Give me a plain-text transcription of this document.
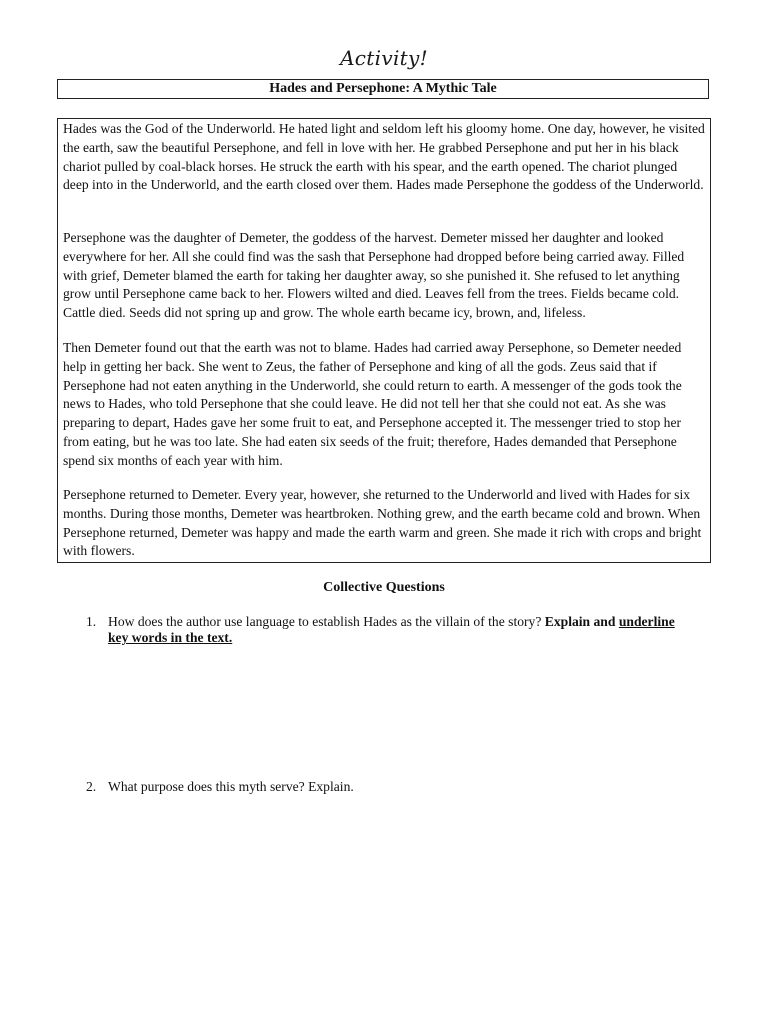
Activity!
Hades and Persephone: A Mythic Tale

Hades was the God of the Underworld. He hated light and seldom left his gloomy home. One day, however, he visited the earth, saw the beautiful Persephone, and fell in love with her. He grabbed Persephone and put her in his black chariot pulled by coal-black horses. He struck the earth with his spear, and the earth opened. The chariot plunged deep into in the Underworld, and the earth closed over them. Hades made Persephone the goddess of the Underworld.

Persephone was the daughter of Demeter, the goddess of the harvest. Demeter missed her daughter and looked everywhere for her. All she could find was the sash that Persephone had dropped before being carried away. Filled with grief, Demeter blamed the earth for taking her daughter away, so she punished it. She refused to let anything grow until Persephone came back to her. Flowers wilted and died. Leaves fell from the trees. Fields became cold. Cattle died. Seeds did not spring up and grow. The whole earth became icy, brown, and, lifeless.

Then Demeter found out that the earth was not to blame. Hades had carried away Persephone, so Demeter needed help in getting her back. She went to Zeus, the father of Persephone and king of all the gods. Zeus said that if Persephone had not eaten anything in the Underworld, she could return to earth. A messenger of the gods took the news to Hades, who told Persephone that she could leave. He did not tell her that she could not eat. As she was preparing to depart, Hades gave her some fruit to eat, and Persephone accepted it. The messenger tried to stop her from eating, but he was too late. She had eaten six seeds of the fruit; therefore, Hades demanded that Persephone spend six months of each year with him.

Persephone returned to Demeter. Every year, however, she returned to the Underworld and lived with Hades for six months. During those months, Demeter was heartbroken. Nothing grew, and the earth became cold and brown. When Persephone returned, Demeter was happy and made the earth warm and green. She made it rich with crops and bright with flowers.

Collective Questions
1. How does the author use language to establish Hades as the villain of the story? Explain and underline key words in the text.
2. What purpose does this myth serve? Explain.
